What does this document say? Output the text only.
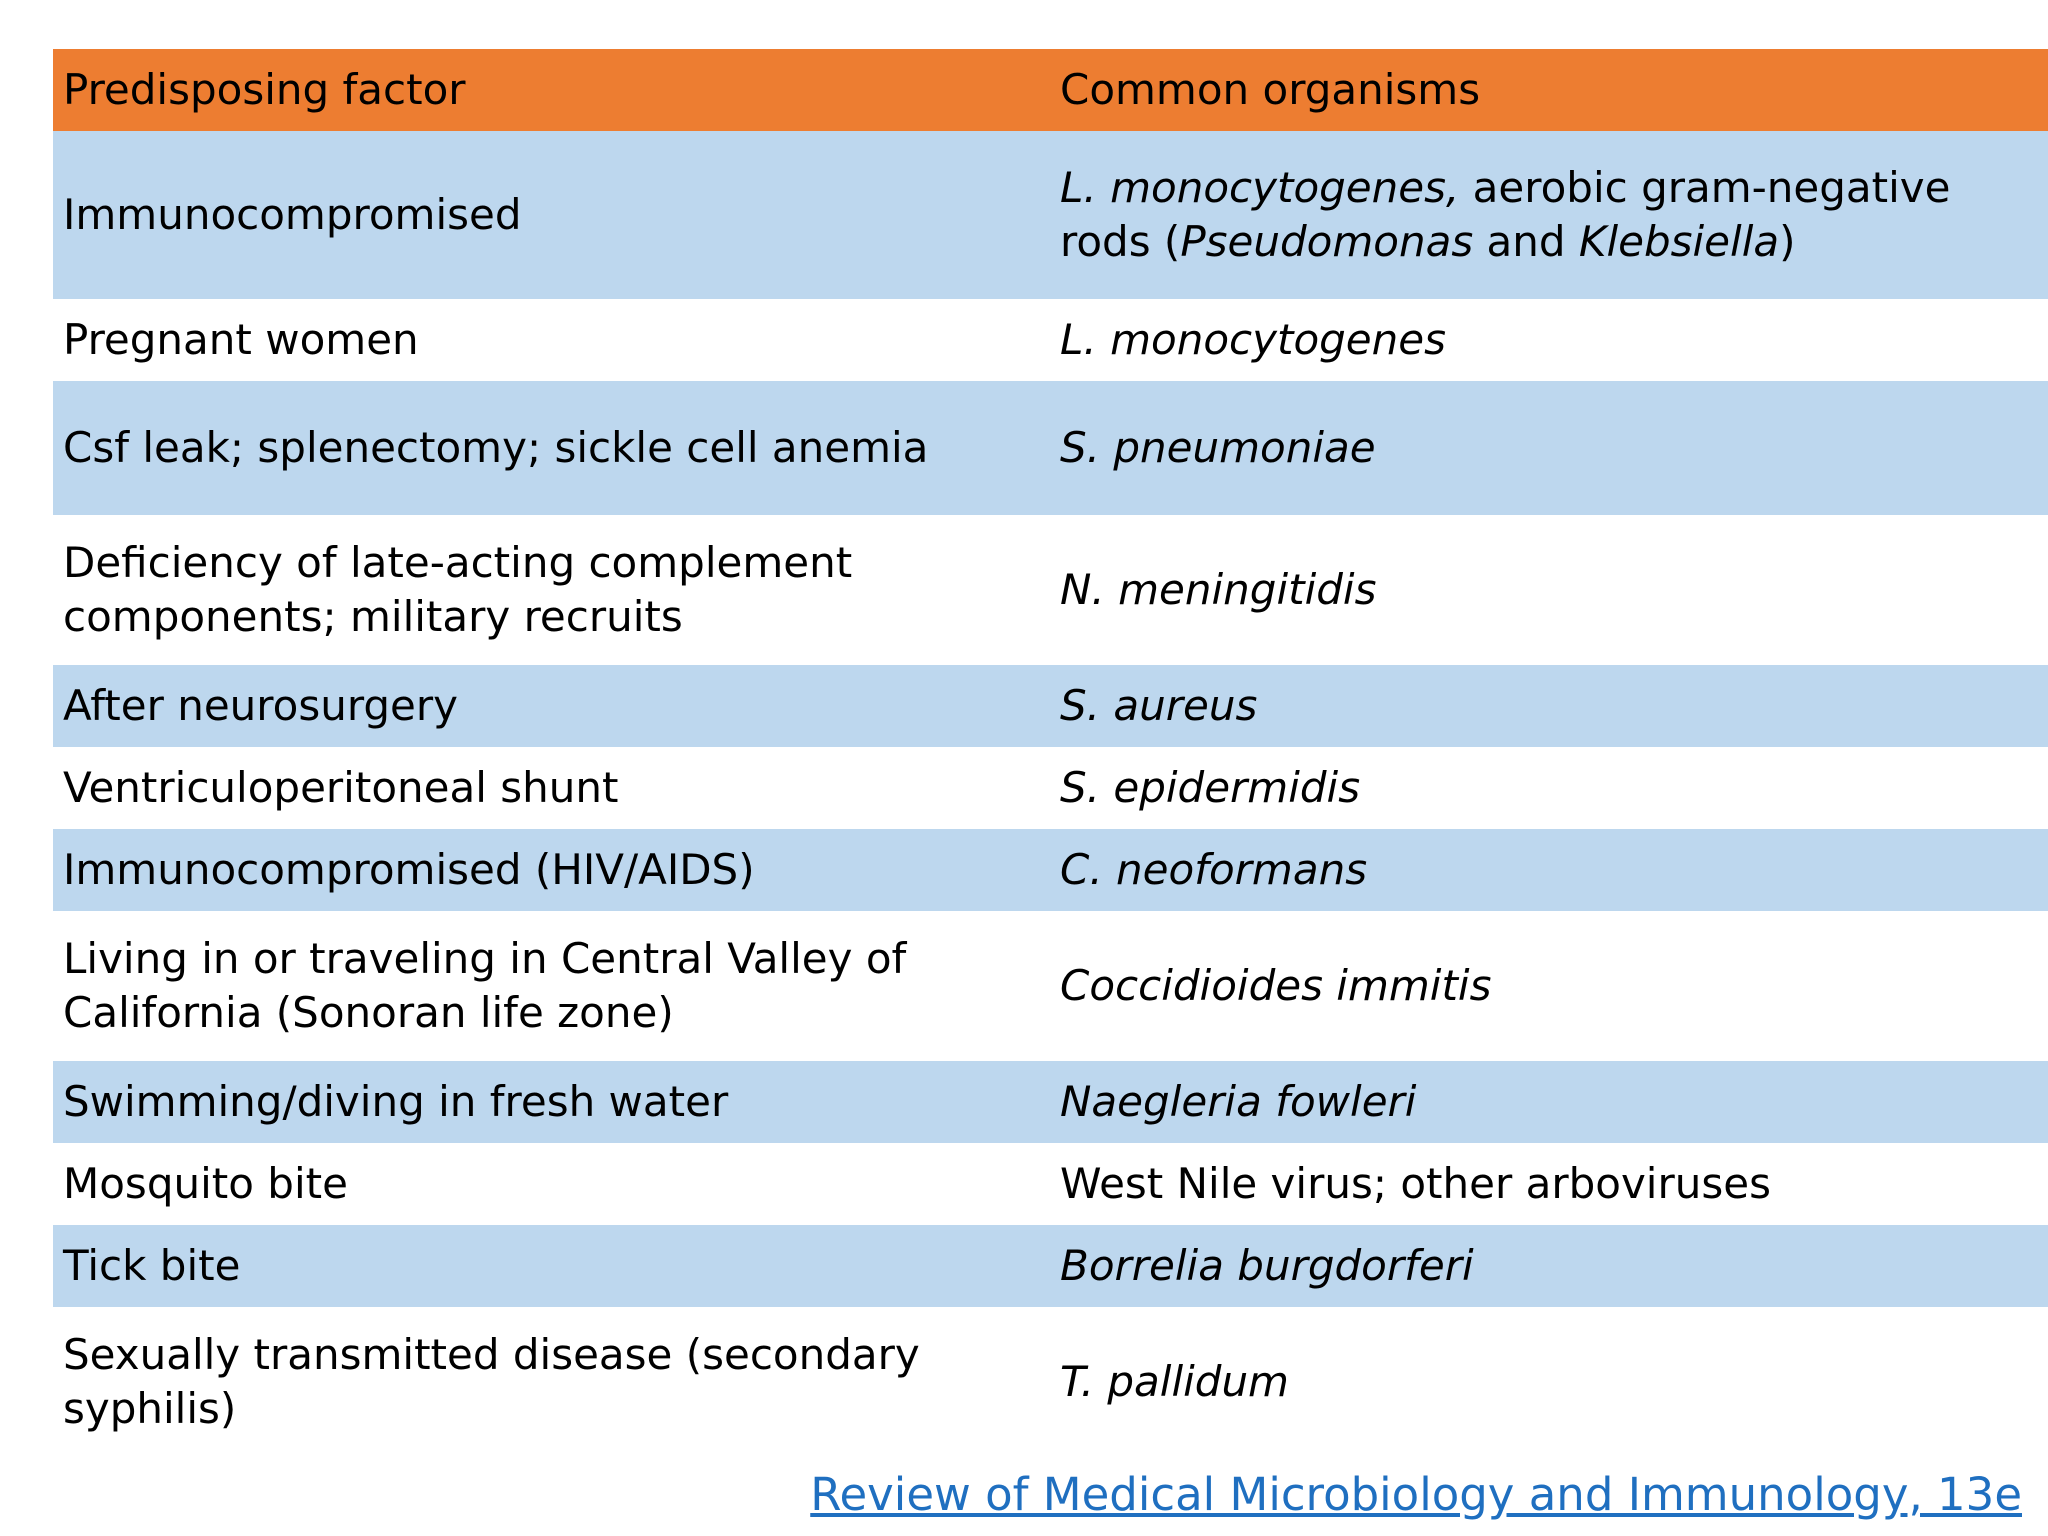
Predisposing factor	Common organisms
Immunocompromised	L. monocytogenes, aerobic gram-negative rods (Pseudomonas and Klebsiella)
Pregnant women	L. monocytogenes
Csf leak; splenectomy; sickle cell anemia	S. pneumoniae
Deficiency of late-acting complement components; military recruits	N. meningitidis
After neurosurgery	S. aureus
Ventriculoperitoneal shunt	S. epidermidis
Immunocompromised (HIV/AIDS)	C. neoformans
Living in or traveling in Central Valley of California (Sonoran life zone)	Coccidioides immitis
Swimming/diving in fresh water	Naegleria fowleri
Mosquito bite	West Nile virus; other arboviruses
Tick bite	Borrelia burgdorferi
Sexually transmitted disease (secondary syphilis)	T. pallidum
Review of Medical Microbiology and Immunology, 13e
